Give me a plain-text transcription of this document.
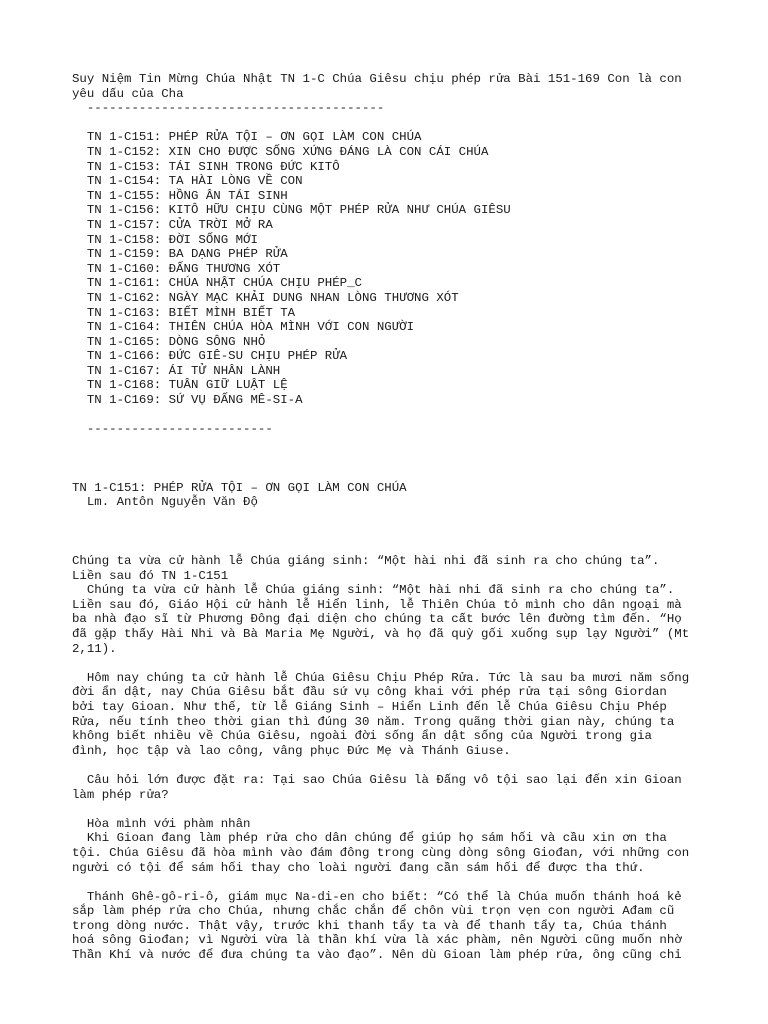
Suy Niệm Tin Mừng Chúa Nhật TN 1-C Chúa Giêsu chịu phép rửa Bài 151-169 Con là con
yêu dấu của Cha
----------------------------------------
TN 1-C151: PHÉP RỬA TỘI – ƠN GỌI LÀM CON CHÚA
TN 1-C152: XIN CHO ĐƯỢC SỐNG XỨNG ĐÁNG LÀ CON CÁI CHÚA
TN 1-C153: TÁI SINH TRONG ĐỨC KITÔ
TN 1-C154: TA HÀI LÒNG VỀ CON
TN 1-C155: HỒNG ÂN TÁI SINH
TN 1-C156: KITÔ HỮU CHỊU CÙNG MỘT PHÉP RỬA NHƯ CHÚA GIÊSU
TN 1-C157: CỬA TRỜI MỞ RA
TN 1-C158: ĐỜI SỐNG MỚI
TN 1-C159: BA DẠNG PHÉP RỬA
TN 1-C160: ĐẤNG THƯƠNG XÓT
TN 1-C161: CHÚA NHẬT CHÚA CHỊU PHÉP_C
TN 1-C162: NGÀY MẠC KHẢI DUNG NHAN LÒNG THƯƠNG XÓT
TN 1-C163: BIẾT MÌNH BIẾT TA
TN 1-C164: THIÊN CHÚA HÒA MÌNH VỚI CON NGƯỜI
TN 1-C165: DÒNG SÔNG NHỎ
TN 1-C166: ĐỨC GIÊ-SU CHỊU PHÉP RỬA
TN 1-C167: ÁI TỬ NHÂN LÀNH
TN 1-C168: TUÂN GIỮ LUẬT LỆ
TN 1-C169: SỨ VỤ ĐẤNG MÊ-SI-A
-------------------------
TN 1-C151: PHÉP RỬA TỘI – ƠN GỌI LÀM CON CHÚA
Lm. Antôn Nguyễn Văn Độ
Chúng ta vừa cử hành lễ Chúa giáng sinh: “Một hài nhi đã sinh ra cho chúng ta”.
Liền sau đó TN 1-C151
Chúng ta vừa cử hành lễ Chúa giáng sinh: “Một hài nhi đã sinh ra cho chúng ta”.
Liền sau đó, Giáo Hội cử hành lễ Hiển linh, lễ Thiên Chúa tỏ mình cho dân ngoại mà
ba nhà đạo sĩ từ Phương Đông đại diện cho chúng ta cất bước lên đường tìm đến. “Họ
đã gặp thấy Hài Nhi và Bà Maria Mẹ Người, và họ đã quỳ gối xuống sụp lạy Người” (Mt
2,11).
Hôm nay chúng ta cử hành lễ Chúa Giêsu Chịu Phép Rửa. Tức là sau ba mươi năm sống
đời ẩn dật, nay Chúa Giêsu bắt đầu sứ vụ công khai với phép rửa tại sông Giordan
bởi tay Gioan. Như thế, từ lễ Giáng Sinh – Hiển Linh đến lễ Chúa Giêsu Chịu Phép
Rửa, nếu tính theo thời gian thì đúng 30 năm. Trong quãng thời gian này, chúng ta
không biết nhiều về Chúa Giêsu, ngoài đời sống ẩn dật sống của Người trong gia
đình, học tập và lao công, vâng phục Đức Mẹ và Thánh Giuse.
Câu hỏi lớn được đặt ra: Tại sao Chúa Giêsu là Đấng vô tội sao lại đến xin Gioan
làm phép rửa?
Hòa mình với phàm nhân
Khi Gioan đang làm phép rửa cho dân chúng để giúp họ sám hối và cầu xin ơn tha
tội. Chúa Giêsu đã hòa mình vào đám đông trong cùng dòng sông Giođan, với những con
người có tội để sám hối thay cho loài người đang cần sám hối để được tha thứ.
Thánh Ghê-gô-ri-ô, giám mục Na-di-en cho biết: “Có thể là Chúa muốn thánh hoá kẻ
sắp làm phép rửa cho Chúa, nhưng chắc chắn để chôn vùi trọn vẹn con người Ađam cũ
trong dòng nước. Thật vậy, trước khi thanh tẩy ta và để thanh tẩy ta, Chúa thánh
hoá sông Giođan; vì Người vừa là thần khí vừa là xác phàm, nên Người cũng muốn nhờ
Thần Khí và nước để đưa chúng ta vào đạo”. Nên dù Gioan làm phép rửa, ông cũng chỉ
